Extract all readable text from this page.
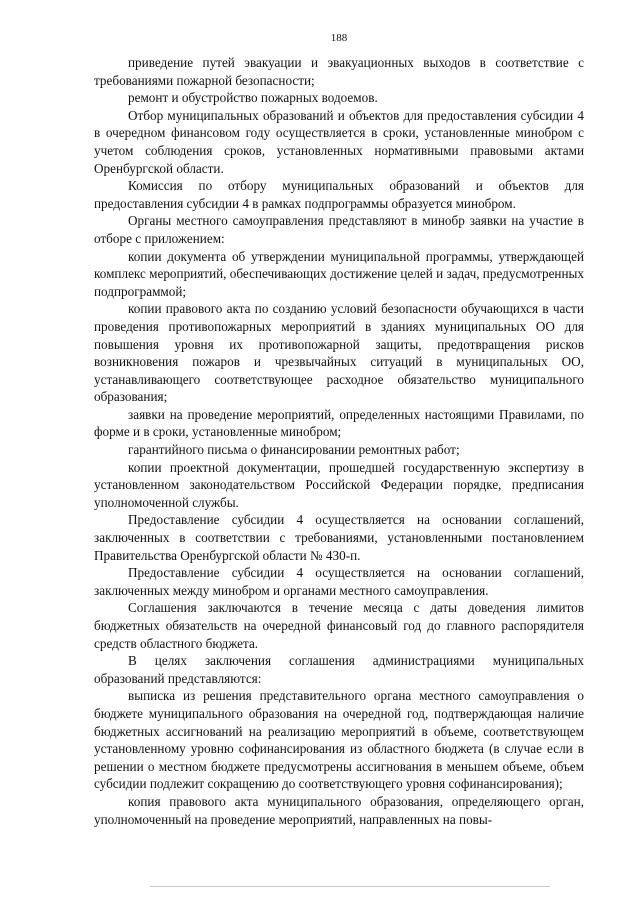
188

приведение путей эвакуации и эвакуационных выходов в соответствие с требованиями пожарной безопасности;

ремонт и обустройство пожарных водоемов.

Отбор муниципальных образований и объектов для предоставления субсидии 4 в очередном финансовом году осуществляется в сроки, установленные минобром с учетом соблюдения сроков, установленных нормативными правовыми актами Оренбургской области.

Комиссия по отбору муниципальных образований и объектов для предоставления субсидии 4 в рамках подпрограммы образуется минобром.

Органы местного самоуправления представляют в минобр заявки на участие в отборе с приложением:

копии документа об утверждении муниципальной программы, утверждающей комплекс мероприятий, обеспечивающих достижение целей и задач, предусмотренных подпрограммой;

копии правового акта по созданию условий безопасности обучающихся в части проведения противопожарных мероприятий в зданиях муниципальных ОО для повышения уровня их противопожарной защиты, предотвращения рисков возникновения пожаров и чрезвычайных ситуаций в муниципальных ОО, устанавливающего соответствующее расходное обязательство муниципального образования;

заявки на проведение мероприятий, определенных настоящими Правилами, по форме и в сроки, установленные минобром;

гарантийного письма о финансировании ремонтных работ;

копии проектной документации, прошедшей государственную экспертизу в установленном законодательством Российской Федерации порядке, предписания уполномоченной службы.

Предоставление субсидии 4 осуществляется на основании соглашений, заключенных в соответствии с требованиями, установленными постановлением Правительства Оренбургской области № 430-п.

Предоставление субсидии 4 осуществляется на основании соглашений, заключенных между минобром и органами местного самоуправления.

Соглашения заключаются в течение месяца с даты доведения лимитов бюджетных обязательств на очередной финансовый год до главного распорядителя средств областного бюджета.

В целях заключения соглашения администрациями муниципальных образований представляются:

выписка из решения представительного органа местного самоуправления о бюджете муниципального образования на очередной год, подтверждающая наличие бюджетных ассигнований на реализацию мероприятий в объеме, соответствующем установленному уровню софинансирования из областного бюджета (в случае если в решении о местном бюджете предусмотрены ассигнования в меньшем объеме, объем субсидии подлежит сокращению до соответствующего уровня софинансирования);

копия правового акта муниципального образования, определяющего орган, уполномоченный на проведение мероприятий, направленных на повы-
